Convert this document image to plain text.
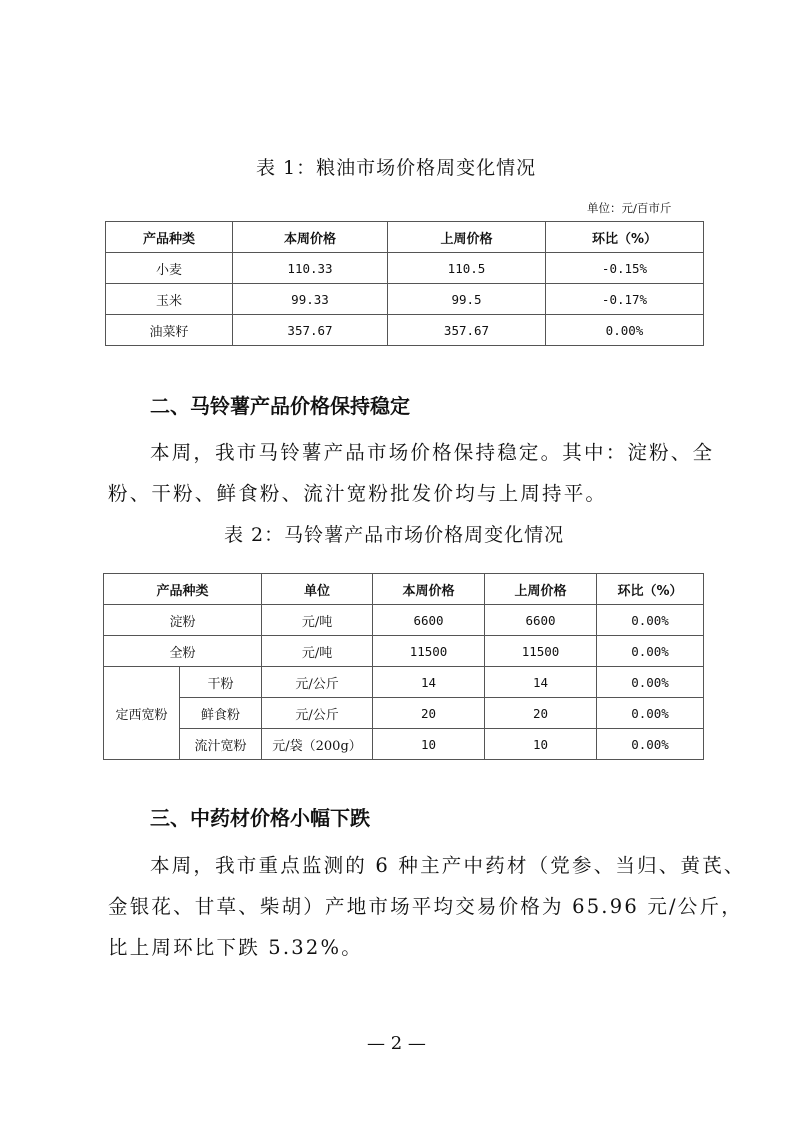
表 1：粮油市场价格周变化情况
单位：元/百市斤
产品种类	本周价格	上周价格	环比（%）
小麦	110.33	110.5	-0.15%
玉米	99.33	99.5	-0.17%
油菜籽	357.67	357.67	0.00%
二、马铃薯产品价格保持稳定
本周，我市马铃薯产品市场价格保持稳定。其中：淀粉、全
粉、干粉、鲜食粉、流汁宽粉批发价均与上周持平。
表 2：马铃薯产品市场价格周变化情况
产品种类		单位	本周价格	上周价格	环比（%）
淀粉		元/吨	6600	6600	0.00%
全粉		元/吨	11500	11500	0.00%
定西宽粉	干粉	元/公斤	14	14	0.00%
	鲜食粉	元/公斤	20	20	0.00%
	流汁宽粉	元/袋（200g）	10	10	0.00%
三、中药材价格小幅下跌
本周，我市重点监测的 6 种主产中药材（党参、当归、黄芪、
金银花、甘草、柴胡）产地市场平均交易价格为 65.96 元/公斤，
比上周环比下跌 5.32%。
— 2 —
